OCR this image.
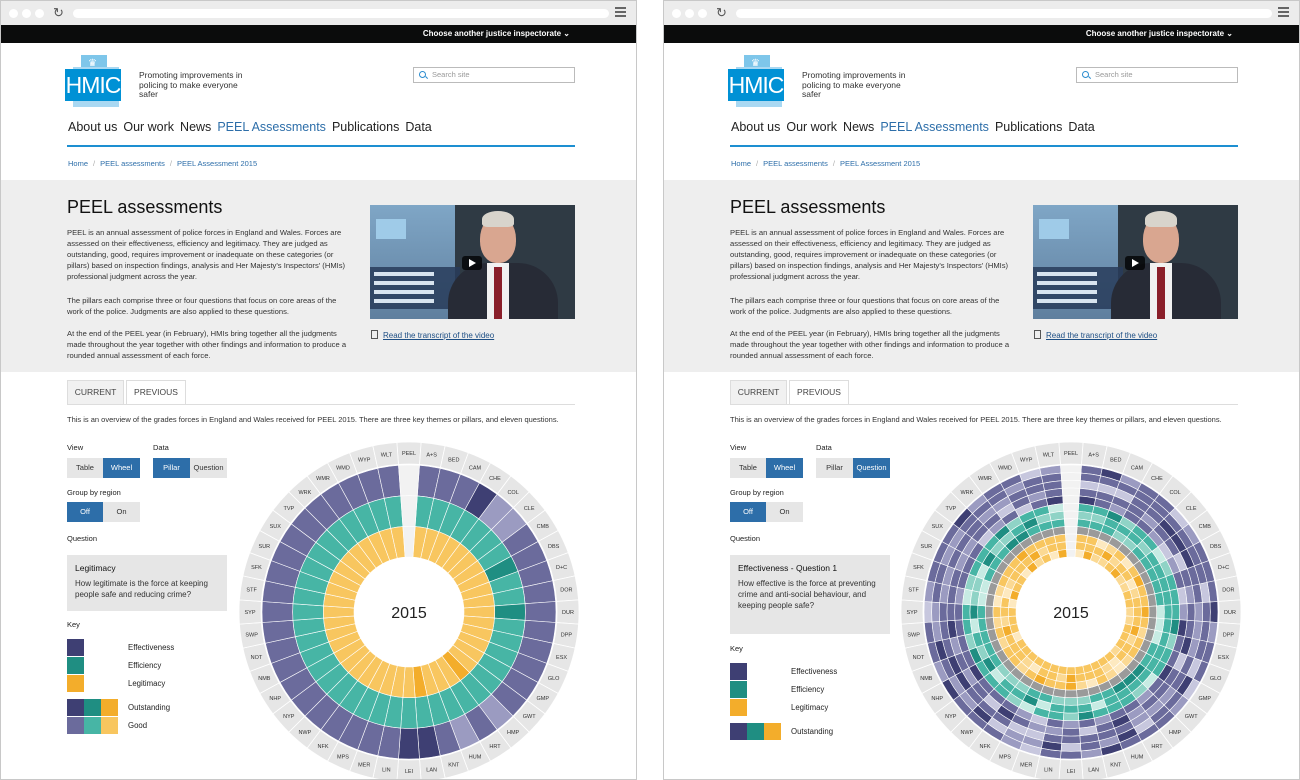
↻
Choose another justice inspectorate ⌄
HMIC
♛
Promoting improvements in policing to make everyone safer
Search site
About us Our work News PEEL Assessments Publications Data
Home / PEEL assessments / PEEL Assessment 2015
PEEL assessments

PEEL is an annual assessment of police forces in England and Wales. Forces are assessed on their effectiveness, efficiency and legitimacy. They are judged as outstanding, good, requires improvement or inadequate on these categories (or pillars) based on inspection findings, analysis and Her Majesty's Inspectors' (HMIs) professional judgment across the year.

The pillars each comprise three or four questions that focus on core areas of the work of the police. Judgments are also applied to these questions.

At the end of the PEEL year (in February), HMIs bring together all the judgments made throughout the year together with other findings and information to produce a rounded annual assessment of each force.

Read the transcript of the video
CURRENT	PREVIOUS
This is an overview of the grades forces in England and Wales received for PEEL 2015. There are three key themes or pillars, and eleven questions.
View
Table	Wheel
Data
Pillar	Question
Group by region
Off	On
Question
Legitimacy
How legitimate is the force at keeping people safe and reducing crime?
Key
Effectiveness
Efficiency
Legitimacy
Outstanding
Good
PEEL A+S
BED
CAM
CHE
COL
CLE
CMB
DBS
D+C
DOR
DUR
DPP
ESX
GLO
GMP
GWT
HMP
HRT
HUM
KNT
LAN
LEI
LIN
MER
MPS
NFK
NWP
NYP
NHP
NMB
NOT
SWP
SYP
STF
SFK
SUR
SUX
TVP
WRK
WMR
WMD
WYP
WLT
2015
↻
Choose another justice inspectorate ⌄
HMIC
♛
Promoting improvements in policing to make everyone safer
Search site
About us Our work News PEEL Assessments Publications Data
Home / PEEL assessments / PEEL Assessment 2015
PEEL assessments

PEEL is an annual assessment of police forces in England and Wales. Forces are assessed on their effectiveness, efficiency and legitimacy. They are judged as outstanding, good, requires improvement or inadequate on these categories (or pillars) based on inspection findings, analysis and Her Majesty's Inspectors' (HMIs) professional judgment across the year.

The pillars each comprise three or four questions that focus on core areas of the work of the police. Judgments are also applied to these questions.

At the end of the PEEL year (in February), HMIs bring together all the judgments made throughout the year together with other findings and information to produce a rounded annual assessment of each force.

Read the transcript of the video
CURRENT	PREVIOUS
This is an overview of the grades forces in England and Wales received for PEEL 2015. There are three key themes or pillars, and eleven questions.
View
Table	Wheel
Data
Pillar	Question
Group by region
Off	On
Question
Effectiveness - Question 1
How effective is the force at preventing crime and anti-social behaviour, and keeping people safe?
Key
Effectiveness
Efficiency
Legitimacy
Outstanding
PEEL A+S
BED
CAM
CHE
COL
CLE
CMB
DBS
D+C
DOR
DUR
DPP
ESX
GLO
GMP
GWT
HMP
HRT
HUM
KNT
LAN
LEI
LIN
MER
MPS
NFK
NWP
NYP
NHP
NMB
NOT
SWP
SYP
STF
SFK
SUR
SUX
TVP
WRK
WMR
WMD
WYP
WLT
2015
